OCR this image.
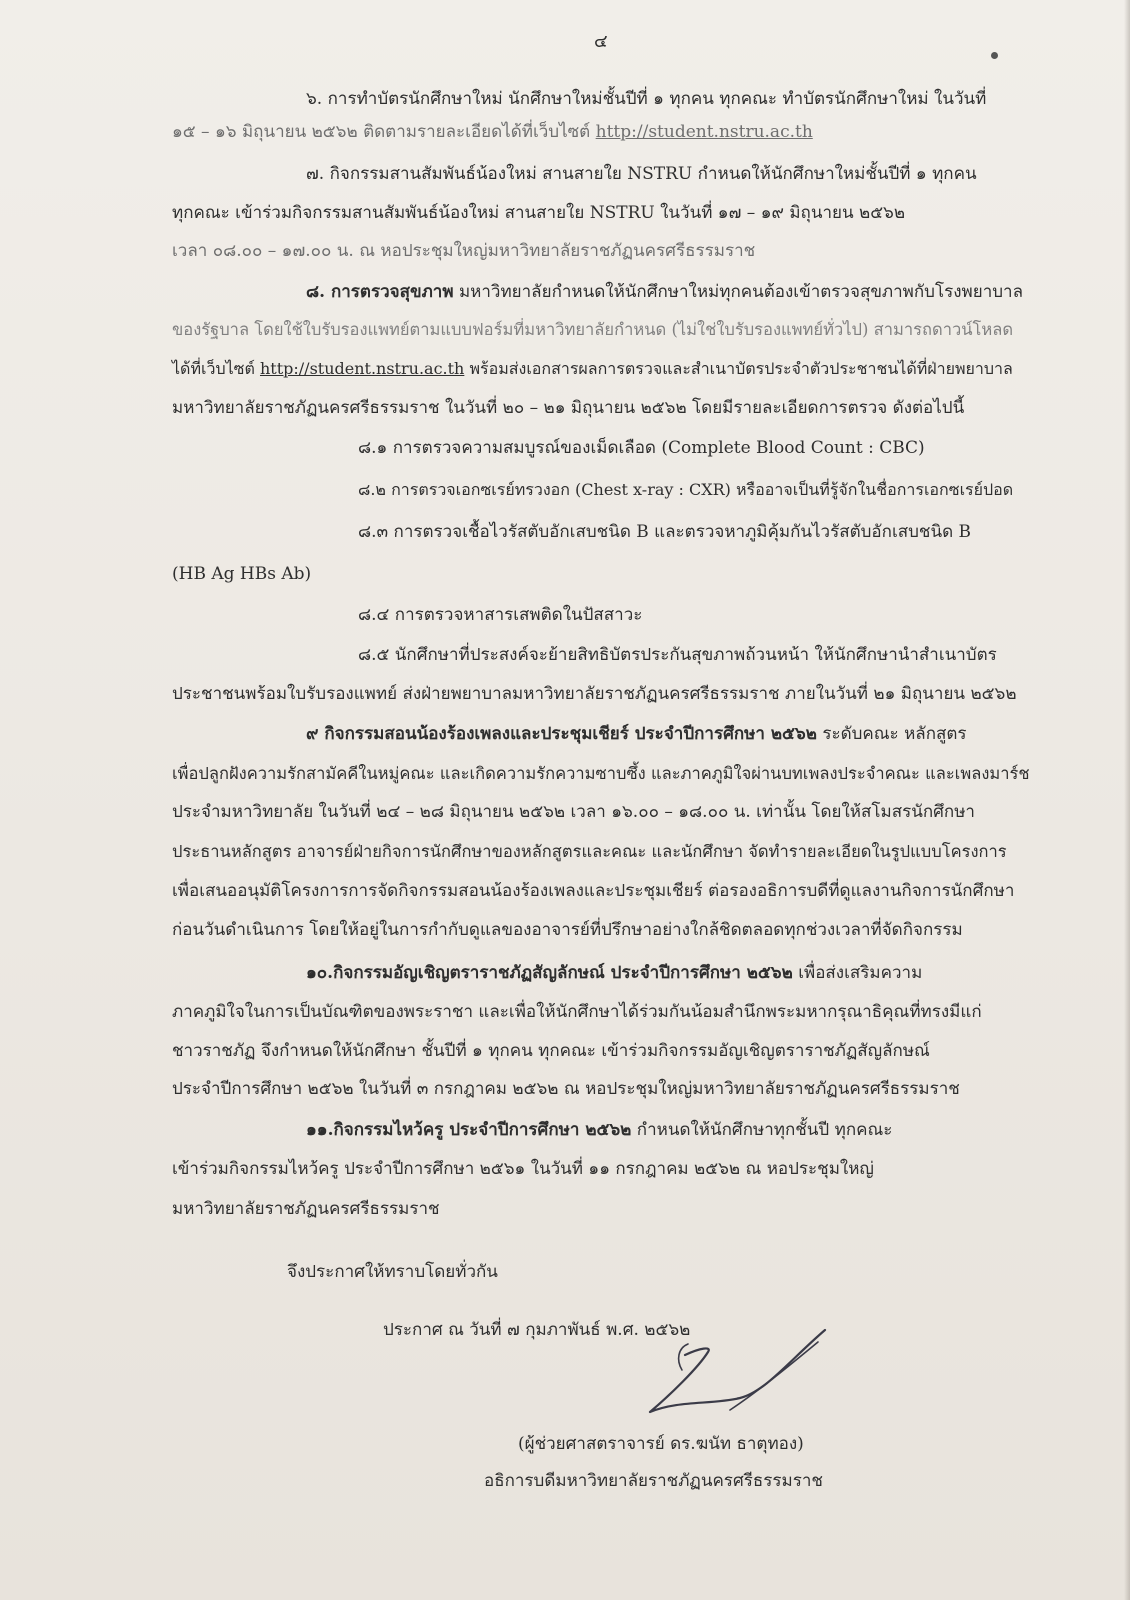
๔
๖. การทำบัตรนักศึกษาใหม่ นักศึกษาใหม่ชั้นปีที่ ๑ ทุกคน ทุกคณะ ทำบัตรนักศึกษาใหม่ ในวันที่
๑๕ – ๑๖ มิถุนายน ๒๕๖๒ ติดตามรายละเอียดได้ที่เว็บไซต์ http://student.nstru.ac.th
๗. กิจกรรมสานสัมพันธ์น้องใหม่ สานสายใย NSTRU กำหนดให้นักศึกษาใหม่ชั้นปีที่ ๑ ทุกคน
ทุกคณะ เข้าร่วมกิจกรรมสานสัมพันธ์น้องใหม่ สานสายใย NSTRU ในวันที่ ๑๗ – ๑๙ มิถุนายน ๒๕๖๒
เวลา ๐๘.๐๐ – ๑๗.๐๐ น. ณ หอประชุมใหญ่มหาวิทยาลัยราชภัฏนครศรีธรรมราช
๘. การตรวจสุขภาพ มหาวิทยาลัยกำหนดให้นักศึกษาใหม่ทุกคนต้องเข้าตรวจสุขภาพกับโรงพยาบาล
ของรัฐบาล โดยใช้ใบรับรองแพทย์ตามแบบฟอร์มที่มหาวิทยาลัยกำหนด (ไม่ใช่ใบรับรองแพทย์ทั่วไป) สามารถดาวน์โหลด
ได้ที่เว็บไซต์ http://student.nstru.ac.th พร้อมส่งเอกสารผลการตรวจและสำเนาบัตรประจำตัวประชาชนได้ที่ฝ่ายพยาบาล
มหาวิทยาลัยราชภัฏนครศรีธรรมราช ในวันที่ ๒๐ – ๒๑ มิถุนายน ๒๕๖๒ โดยมีรายละเอียดการตรวจ ดังต่อไปนี้
๘.๑ การตรวจความสมบูรณ์ของเม็ดเลือด (Complete Blood Count : CBC)
๘.๒ การตรวจเอกซเรย์ทรวงอก (Chest x-ray : CXR) หรืออาจเป็นที่รู้จักในชื่อการเอกซเรย์ปอด
๘.๓ การตรวจเชื้อไวรัสตับอักเสบชนิด B และตรวจหาภูมิคุ้มกันไวรัสตับอักเสบชนิด B
(HB Ag HBs Ab)
๘.๔ การตรวจหาสารเสพติดในปัสสาวะ
๘.๕ นักศึกษาที่ประสงค์จะย้ายสิทธิบัตรประกันสุขภาพถ้วนหน้า ให้นักศึกษานำสำเนาบัตร
ประชาชนพร้อมใบรับรองแพทย์ ส่งฝ่ายพยาบาลมหาวิทยาลัยราชภัฏนครศรีธรรมราช ภายในวันที่ ๒๑ มิถุนายน ๒๕๖๒
๙ กิจกรรมสอนน้องร้องเพลงและประชุมเชียร์ ประจำปีการศึกษา ๒๕๖๒ ระดับคณะ หลักสูตร
เพื่อปลูกฝังความรักสามัคคีในหมู่คณะ และเกิดความรักความซาบซึ้ง และภาคภูมิใจผ่านบทเพลงประจำคณะ และเพลงมาร์ช
ประจำมหาวิทยาลัย ในวันที่ ๒๔ – ๒๘ มิถุนายน ๒๕๖๒ เวลา ๑๖.๐๐ – ๑๘.๐๐ น. เท่านั้น โดยให้สโมสรนักศึกษา
ประธานหลักสูตร อาจารย์ฝ่ายกิจการนักศึกษาของหลักสูตรและคณะ และนักศึกษา จัดทำรายละเอียดในรูปแบบโครงการ
เพื่อเสนออนุมัติโครงการการจัดกิจกรรมสอนน้องร้องเพลงและประชุมเชียร์ ต่อรองอธิการบดีที่ดูแลงานกิจการนักศึกษา
ก่อนวันดำเนินการ โดยให้อยู่ในการกำกับดูแลของอาจารย์ที่ปรึกษาอย่างใกล้ชิดตลอดทุกช่วงเวลาที่จัดกิจกรรม
๑๐.กิจกรรมอัญเชิญตราราชภัฏสัญลักษณ์ ประจำปีการศึกษา ๒๕๖๒ เพื่อส่งเสริมความ
ภาคภูมิใจในการเป็นบัณฑิตของพระราชา และเพื่อให้นักศึกษาได้ร่วมกันน้อมสำนึกพระมหากรุณาธิคุณที่ทรงมีแก่
ชาวราชภัฏ จึงกำหนดให้นักศึกษา ชั้นปีที่ ๑ ทุกคน ทุกคณะ เข้าร่วมกิจกรรมอัญเชิญตราราชภัฏสัญลักษณ์
ประจำปีการศึกษา ๒๕๖๒ ในวันที่ ๓ กรกฎาคม ๒๕๖๒ ณ หอประชุมใหญ่มหาวิทยาลัยราชภัฏนครศรีธรรมราช
๑๑.กิจกรรมไหว้ครู ประจำปีการศึกษา ๒๕๖๒ กำหนดให้นักศึกษาทุกชั้นปี ทุกคณะ
เข้าร่วมกิจกรรมไหว้ครู ประจำปีการศึกษา ๒๕๖๑ ในวันที่ ๑๑ กรกฎาคม ๒๕๖๒ ณ หอประชุมใหญ่
มหาวิทยาลัยราชภัฏนครศรีธรรมราช
จึงประกาศให้ทราบโดยทั่วกัน
ประกาศ ณ วันที่ ๗ กุมภาพันธ์ พ.ศ. ๒๕๖๒
(ผู้ช่วยศาสตราจารย์ ดร.ฆนัท ธาตุทอง)
อธิการบดีมหาวิทยาลัยราชภัฏนครศรีธรรมราช
